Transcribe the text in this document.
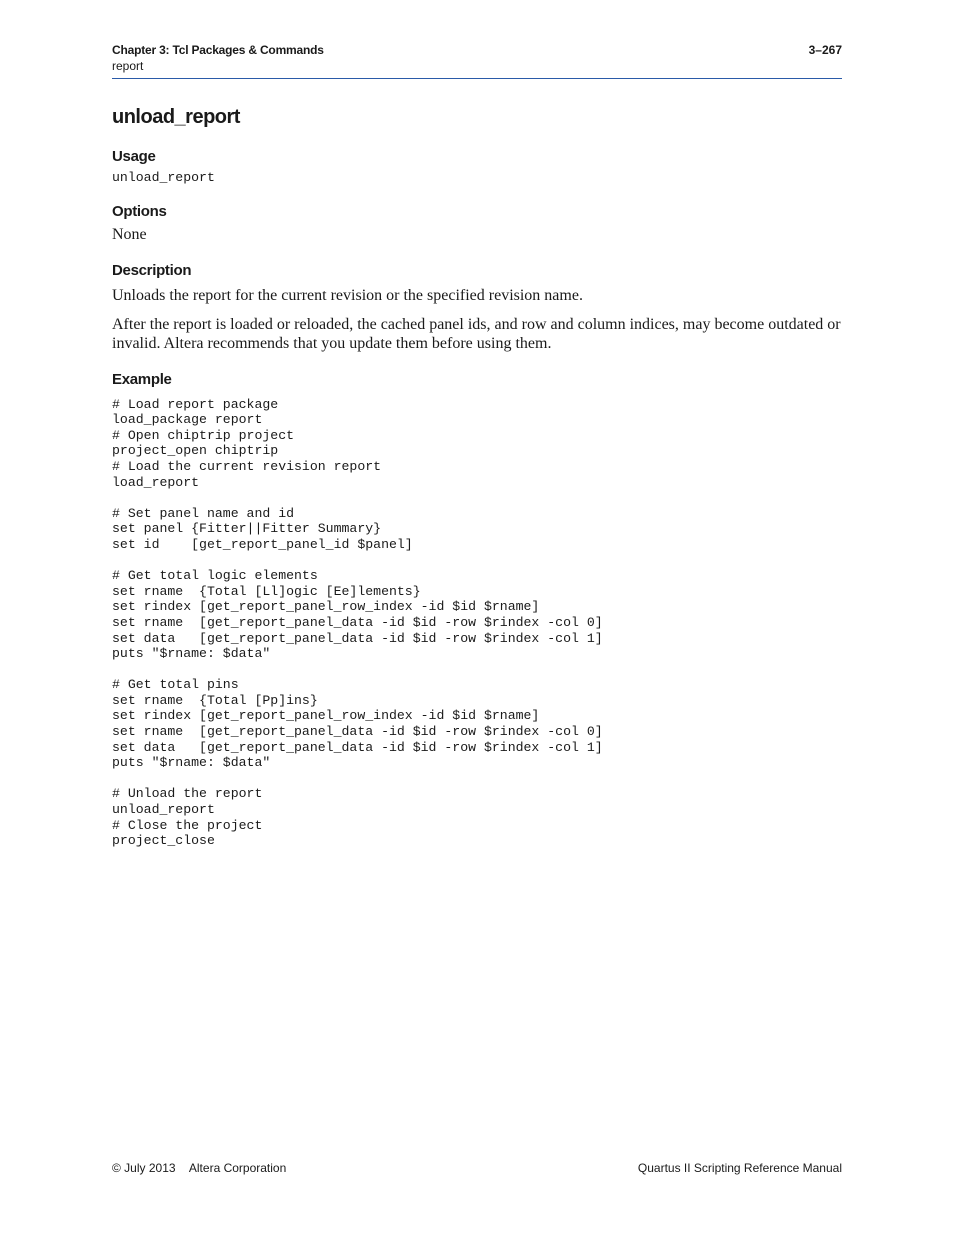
Chapter 3: Tcl Packages & Commands
report
3–267
unload_report
Usage
unload_report
Options

None

Description

Unloads the report for the current revision or the specified revision name.

After the report is loaded or reloaded, the cached panel ids, and row and column indices, may become outdated or invalid. Altera recommends that you update them before using them.

Example
# Load report package
load_package report
# Open chiptrip project
project_open chiptrip
# Load the current revision report
load_report
# Set panel name and id
set panel {Fitter||Fitter Summary}
set id    [get_report_panel_id $panel]
# Get total logic elements
set rname  {Total [Ll]ogic [Ee]lements}
set rindex [get_report_panel_row_index -id $id $rname]
set rname  [get_report_panel_data -id $id -row $rindex -col 0]
set data   [get_report_panel_data -id $id -row $rindex -col 1]
puts "$rname: $data"
# Get total pins
set rname  {Total [Pp]ins}
set rindex [get_report_panel_row_index -id $id $rname]
set rname  [get_report_panel_data -id $id -row $rindex -col 0]
set data   [get_report_panel_data -id $id -row $rindex -col 1]
puts "$rname: $data"
# Unload the report
unload_report
# Close the project
project_close
© July 2013 Altera Corporation	Quartus II Scripting Reference Manual
